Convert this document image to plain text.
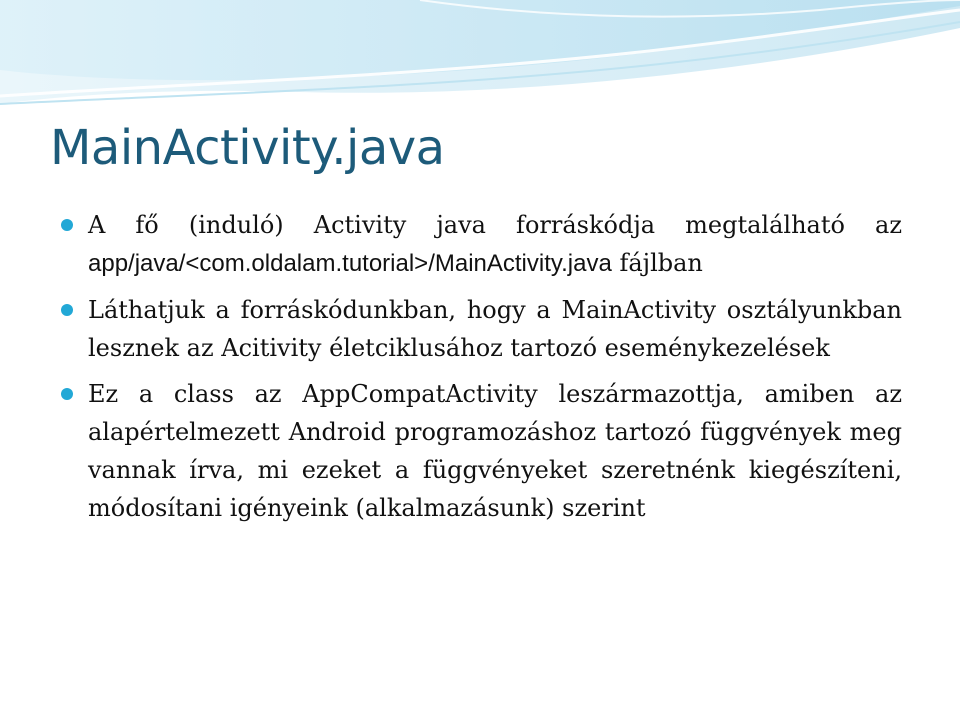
MainActivity.java
A fő (induló) Activity java forráskódja megtalálható az app/java/<com.oldalam.tutorial>/MainActivity.java fájlban
Láthatjuk a forráskódunkban, hogy a MainActivity osztályunkban lesznek az Acitivity életciklusához tartozó eseménykezelések
Ez a class az AppCompatActivity leszármazottja, amiben az alapértelmezett Android programozáshoz tartozó függvények meg vannak írva, mi ezeket a függvényeket szeretnénk kiegészíteni, módosítani igényeink (alkalmazásunk) szerint
